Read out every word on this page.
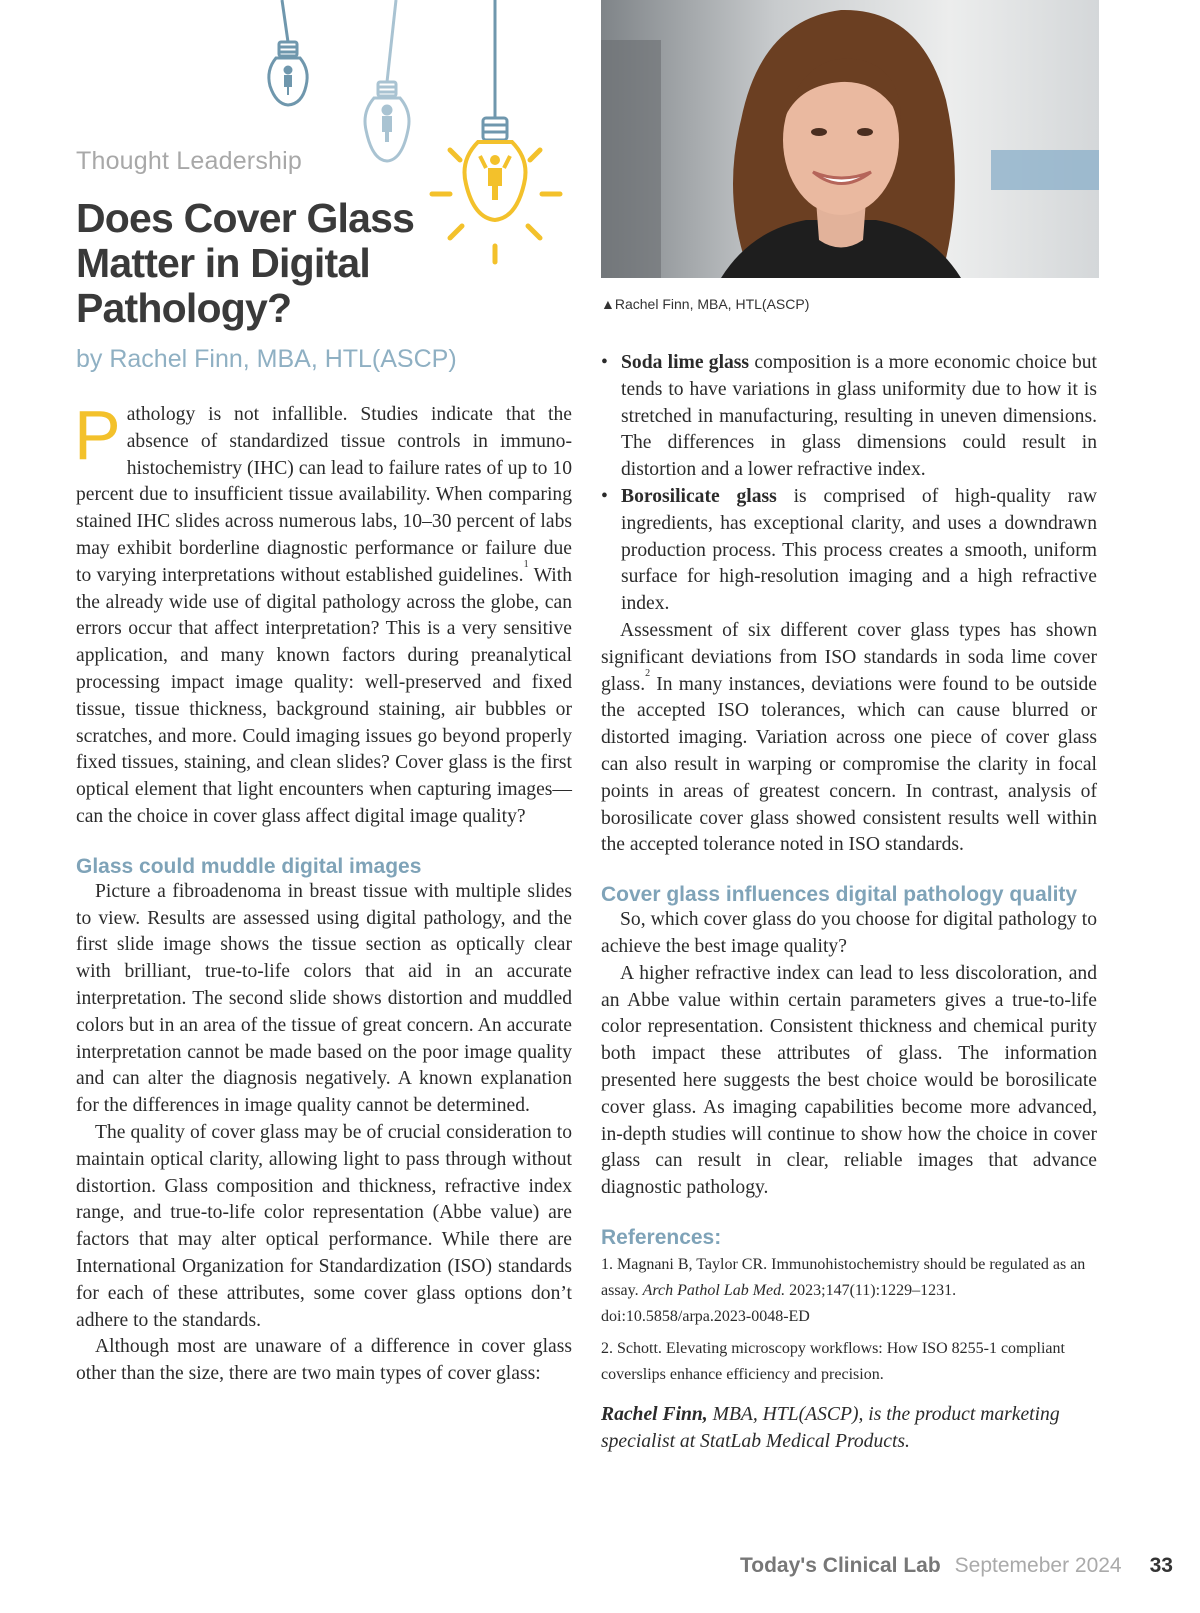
Thought Leadership
Does Cover Glass Matter in Digital Pathology?
by Rachel Finn, MBA, HTL(ASCP)
▲Rachel Finn, MBA, HTL(ASCP)

Pathology is not infallible. Studies indicate that the absence of standardized tissue controls in immunohistochemistry (IHC) can lead to failure rates of up to 10 percent due to insufficient tissue availability. When comparing stained IHC slides across numerous labs, 10–30 percent of labs may exhibit borderline diagnostic performance or failure due to varying interpretations without established guidelines.$^1$ With the already wide use of digital pathology across the globe, can errors occur that affect interpretation? This is a very sensitive application, and many known factors during preanalytical processing impact image quality: well-preserved and fixed tissue, tissue thickness, background staining, air bubbles or scratches, and more. Could imaging issues go beyond properly fixed tissues, staining, and clean slides? Cover glass is the first optical element that light encounters when capturing images—can the choice in cover glass affect digital image quality?

Glass could muddle digital images

Picture a fibroadenoma in breast tissue with multiple slides to view. Results are assessed using digital pathology, and the first slide image shows the tissue section as optically clear with brilliant, true-to-life colors that aid in an accurate interpretation. The second slide shows distortion and muddled colors but in an area of the tissue of great concern. An accurate interpretation cannot be made based on the poor image quality and can alter the diagnosis negatively. A known explanation for the differences in image quality cannot be determined.

The quality of cover glass may be of crucial consideration to maintain optical clarity, allowing light to pass through without distortion. Glass composition and thickness, refractive index range, and true-to-life color representation (Abbe value) are factors that may alter optical performance. While there are International Organization for Standardization (ISO) standards for each of these attributes, some cover glass options don’t adhere to the standards.

Although most are unaware of a difference in cover glass other than the size, there are two main types of cover glass:

• Soda lime glass composition is a more economic choice but tends to have variations in glass uniformity due to how it is stretched in manufacturing, resulting in uneven dimensions. The differences in glass dimensions could result in distortion and a lower refractive index.
• Borosilicate glass is comprised of high-quality raw ingredients, has exceptional clarity, and uses a downdrawn production process. This process creates a smooth, uniform surface for high-resolution imaging and a high refractive index.

Assessment of six different cover glass types has shown significant deviations from ISO standards in soda lime cover glass.$^2$ In many instances, deviations were found to be outside the accepted ISO tolerances, which can cause blurred or distorted imaging. Variation across one piece of cover glass can also result in warping or compromise the clarity in focal points in areas of greatest concern. In contrast, analysis of borosilicate cover glass showed consistent results well within the accepted tolerance noted in ISO standards.

Cover glass influences digital pathology quality

So, which cover glass do you choose for digital pathology to achieve the best image quality?

A higher refractive index can lead to less discoloration, and an Abbe value within certain parameters gives a true-to-life color representation. Consistent thickness and chemical purity both impact these attributes of glass. The information presented here suggests the best choice would be borosilicate cover glass. As imaging capabilities become more advanced, in-depth studies will continue to show how the choice in cover glass can result in clear, reliable images that advance diagnostic pathology.

References:

1. Magnani B, Taylor CR. Immunohistochemistry should be regulated as an assay. Arch Pathol Lab Med. 2023;147(11):1229–1231. doi:10.5858/arpa.2023-0048-ED

2. Schott. Elevating microscopy workflows: How ISO 8255-1 compliant coverslips enhance efficiency and precision.

Rachel Finn, MBA, HTL(ASCP), is the product marketing specialist at StatLab Medical Products.

Today's Clinical Lab Septemeber 2024 33
